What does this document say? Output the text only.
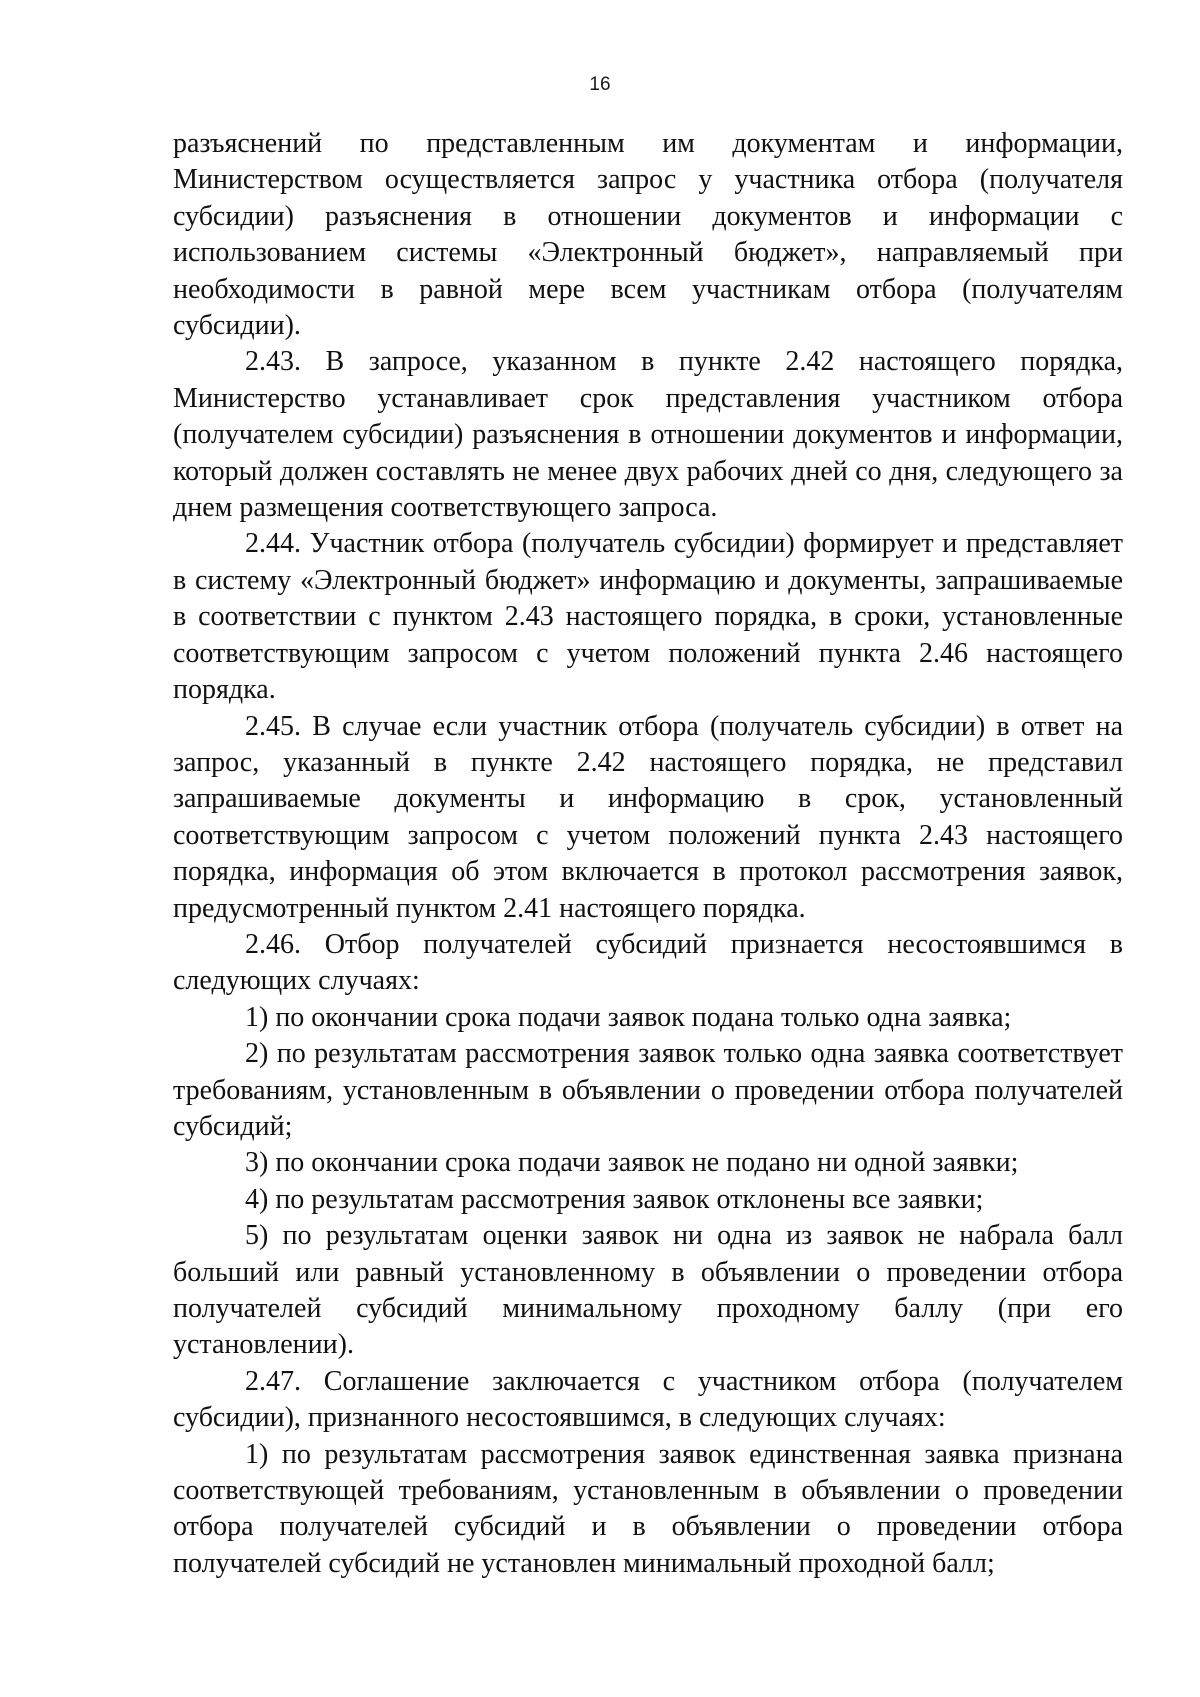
16

разъяснений по представленным им документам и информации, Министерством осуществляется запрос у участника отбора (получателя субсидии) разъяснения в отношении документов и информации с использованием системы «Электронный бюджет», направляемый при необходимости в равной мере всем участникам отбора (получателям субсидии).

2.43. В запросе, указанном в пункте 2.42 настоящего порядка, Министерство устанавливает срок представления участником отбора (получателем субсидии) разъяснения в отношении документов и информации, который должен составлять не менее двух рабочих дней со дня, следующего за днем размещения соответствующего запроса.

2.44. Участник отбора (получатель субсидии) формирует и представляет в систему «Электронный бюджет» информацию и документы, запрашиваемые в соответствии с пунктом 2.43 настоящего порядка, в сроки, установленные соответствующим запросом с учетом положений пункта 2.46 настоящего порядка.

2.45. В случае если участник отбора (получатель субсидии) в ответ на запрос, указанный в пункте 2.42 настоящего порядка, не представил запрашиваемые документы и информацию в срок, установленный соответствующим запросом с учетом положений пункта 2.43 настоящего порядка, информация об этом включается в протокол рассмотрения заявок, предусмотренный пунктом 2.41 настоящего порядка.

2.46. Отбор получателей субсидий признается несостоявшимся в следующих случаях:

1) по окончании срока подачи заявок подана только одна заявка;

2) по результатам рассмотрения заявок только одна заявка соответствует требованиям, установленным в объявлении о проведении отбора получателей субсидий;

3) по окончании срока подачи заявок не подано ни одной заявки;

4) по результатам рассмотрения заявок отклонены все заявки;

5) по результатам оценки заявок ни одна из заявок не набрала балл больший или равный установленному в объявлении о проведении отбора получателей субсидий минимальному проходному баллу (при его установлении).

2.47. Соглашение заключается с участником отбора (получателем субсидии), признанного несостоявшимся, в следующих случаях:

1) по результатам рассмотрения заявок единственная заявка признана соответствующей требованиям, установленным в объявлении о проведении отбора получателей субсидий и в объявлении о проведении отбора получателей субсидий не установлен минимальный проходной балл;
